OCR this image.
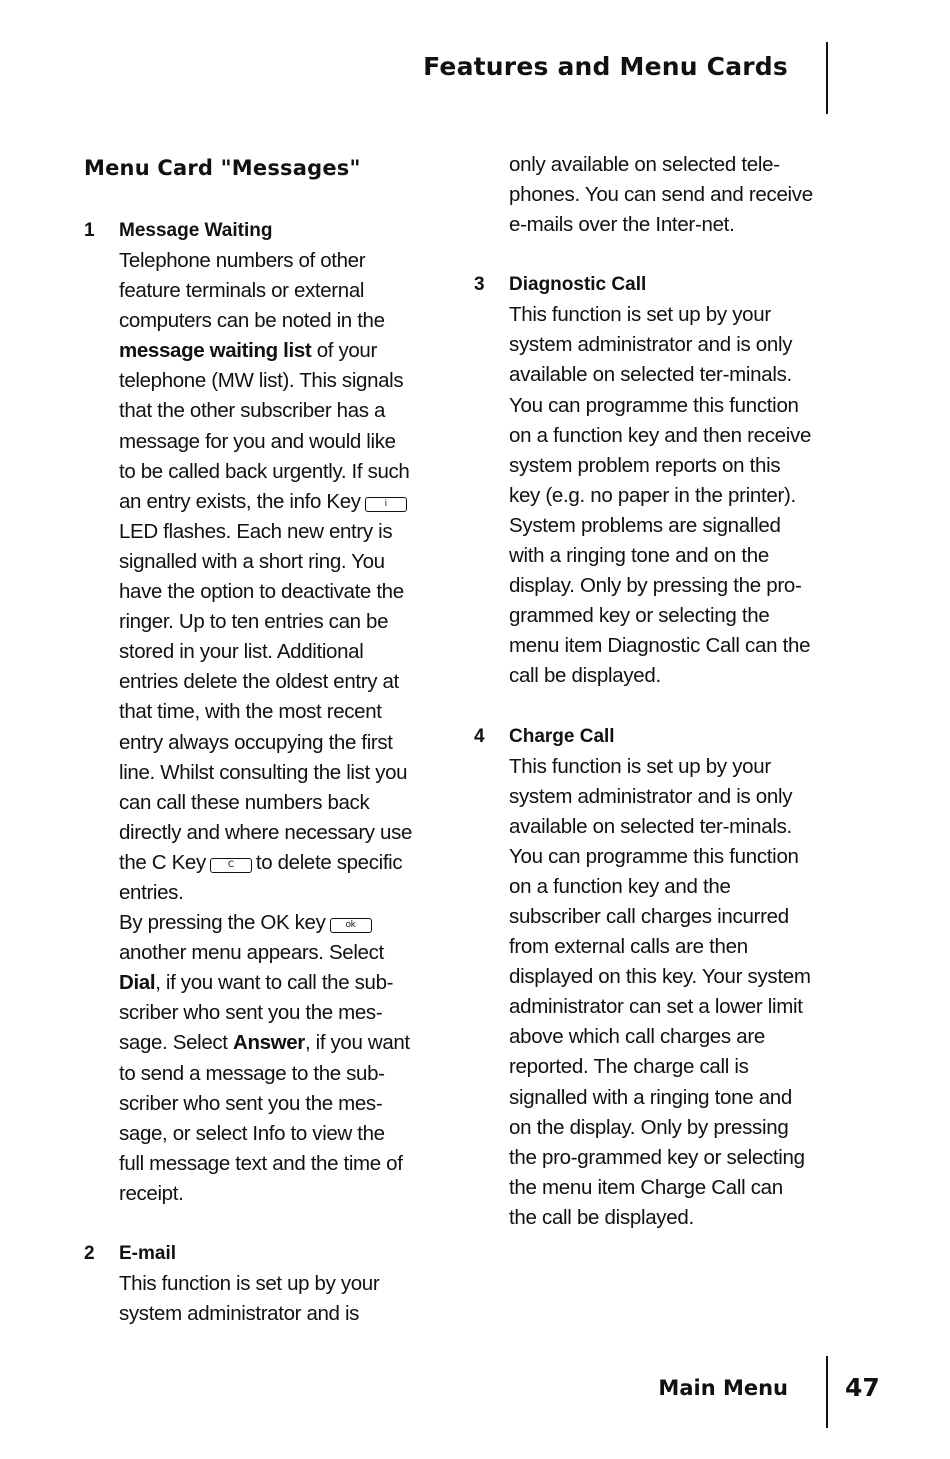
Features and Menu Cards
Menu Card "Messages"
1 Message Waiting

Telephone numbers of other feature terminals or external computers can be noted in the message waiting list of your telephone (MW list). This signals that the other subscriber has a message for you and would like to be called back urgently. If such an entry exists, the info Key	iLED flashes. Each new entry is signalled with a short ring. You have the option to deactivate the ringer. Up to ten entries can be stored in your list. Additional entries delete the oldest entry at that time, with the most recent entry always occupying the first line. Whilst consulting the list you can call these numbers back directly and where necessary use the C Key C to delete specific entries.

By pressing the OK key okanother menu appears. Select Dial, if you want to call the sub-scriber who sent you the mes-sage. Select Answer, if you want to send a message to the sub-scriber who sent you the mes-sage, or select Info to view the full message text and the time of receipt.

2 E-mail

This function is set up by your system administrator and is

only available on selected tele-phones. You can send and receive e-mails over the Inter-net.

3 Diagnostic Call

This function is set up by your system administrator and is only available on selected ter-minals. You can programme this function on a function key and then receive system problem reports on this key (e.g. no paper in the printer). System problems are signalled with a ringing tone and on the display. Only by pressing the pro-grammed key or selecting the menu item Diagnostic Call can the call be displayed.

4 Charge Call

This function is set up by your system administrator and is only available on selected ter-minals. You can programme this function on a function key and the subscriber call charges incurred from external calls are then displayed on this key. Your system administrator can set a lower limit above which call charges are reported. The charge call is signalled with a ringing tone and on the display. Only by pressing the pro-grammed key or selecting the menu item Charge Call can the call be displayed.

Main Menu 47
